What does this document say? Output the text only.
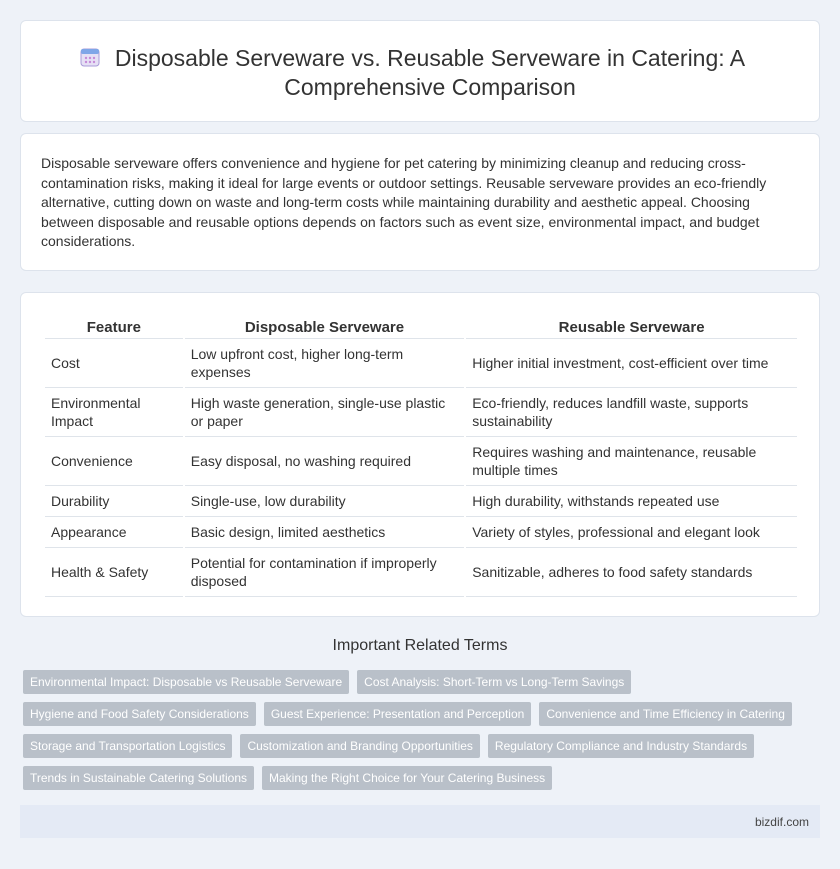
Disposable Serveware vs. Reusable Serveware in Catering: A Comprehensive Comparison

Disposable serveware offers convenience and hygiene for pet catering by minimizing cleanup and reducing cross-contamination risks, making it ideal for large events or outdoor settings. Reusable serveware provides an eco-friendly alternative, cutting down on waste and long-term costs while maintaining durability and aesthetic appeal. Choosing between disposable and reusable options depends on factors such as event size, environmental impact, and budget considerations.

Feature	Disposable Serveware	Reusable Serveware
Cost	Low upfront cost, higher long-term expenses	Higher initial investment, cost-efficient over time
Environmental Impact	High waste generation, single-use plastic or paper	Eco-friendly, reduces landfill waste, supports sustainability
Convenience	Easy disposal, no washing required	Requires washing and maintenance, reusable multiple times
Durability	Single-use, low durability	High durability, withstands repeated use
Appearance	Basic design, limited aesthetics	Variety of styles, professional and elegant look
Health & Safety	Potential for contamination if improperly disposed	Sanitizable, adheres to food safety standards
Important Related Terms
Environmental Impact: Disposable vs Reusable Serveware	Cost Analysis: Short-Term vs Long-Term Savings
Hygiene and Food Safety Considerations	Guest Experience: Presentation and Perception	Convenience and Time Efficiency in Catering
Storage and Transportation Logistics	Customization and Branding Opportunities	Regulatory Compliance and Industry Standards
Trends in Sustainable Catering Solutions	Making the Right Choice for Your Catering Business
bizdif.com
